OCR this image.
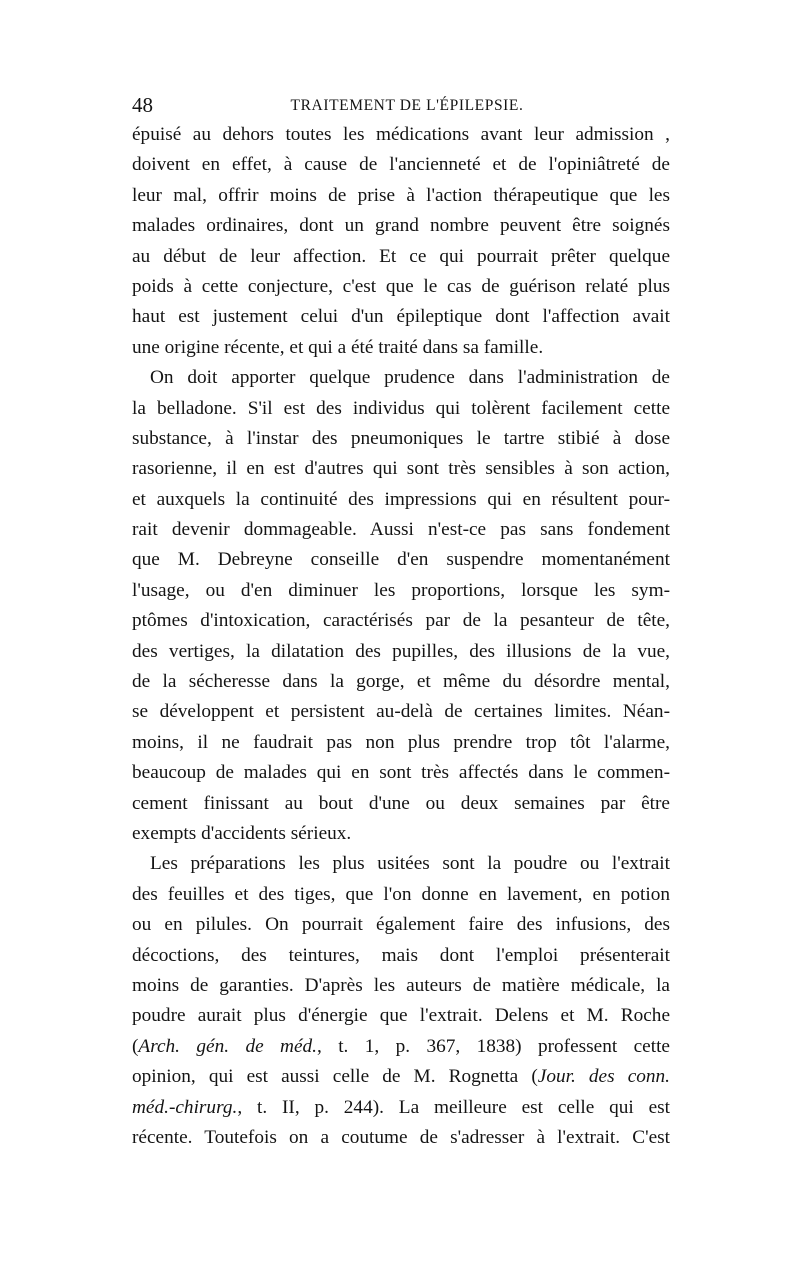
48	TRAITEMENT DE L'ÉPILEPSIE.
épuisé au dehors toutes les médications avant leur admission ,
doivent en effet, à cause de l'ancienneté et de l'opiniâtreté de
leur mal, offrir moins de prise à l'action thérapeutique que les
malades ordinaires, dont un grand nombre peuvent être soignés
au début de leur affection. Et ce qui pourrait prêter quelque
poids à cette conjecture, c'est que le cas de guérison relaté plus
haut est justement celui d'un épileptique dont l'affection avait
une origine récente, et qui a été traité dans sa famille.
On doit apporter quelque prudence dans l'administration de
la belladone. S'il est des individus qui tolèrent facilement cette
substance, à l'instar des pneumoniques le tartre stibié à dose
rasorienne, il en est d'autres qui sont très sensibles à son action,
et auxquels la continuité des impressions qui en résultent pour-
rait devenir dommageable. Aussi n'est-ce pas sans fondement
que M. Debreyne conseille d'en suspendre momentanément
l'usage, ou d'en diminuer les proportions, lorsque les sym-
ptômes d'intoxication, caractérisés par de la pesanteur de tête,
des vertiges, la dilatation des pupilles, des illusions de la vue,
de la sécheresse dans la gorge, et même du désordre mental,
se développent et persistent au-delà de certaines limites. Néan-
moins, il ne faudrait pas non plus prendre trop tôt l'alarme,
beaucoup de malades qui en sont très affectés dans le commen-
cement finissant au bout d'une ou deux semaines par être
exempts d'accidents sérieux.
Les préparations les plus usitées sont la poudre ou l'extrait
des feuilles et des tiges, que l'on donne en lavement, en potion
ou en pilules. On pourrait également faire des infusions, des
décoctions, des teintures, mais dont l'emploi présenterait
moins de garanties. D'après les auteurs de matière médicale, la
poudre aurait plus d'énergie que l'extrait. Delens et M. Roche
(Arch. gén. de méd., t. 1, p. 367, 1838) professent cette
opinion, qui est aussi celle de M. Rognetta (Jour. des conn.
méd.-chirurg., t. II, p. 244). La meilleure est celle qui est
récente. Toutefois on a coutume de s'adresser à l'extrait. C'est
